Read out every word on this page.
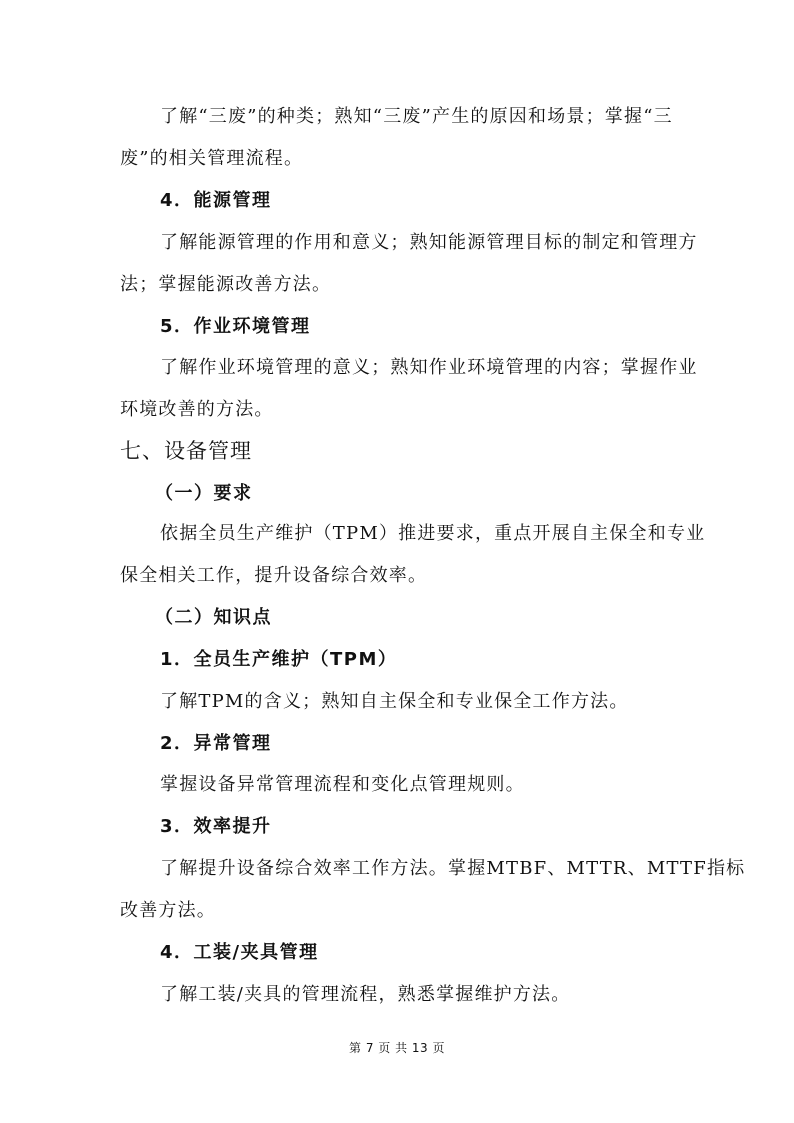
了解“三废”的种类；熟知“三废”产生的原因和场景；掌握“三
废”的相关管理流程。
4．能源管理
了解能源管理的作用和意义；熟知能源管理目标的制定和管理方
法；掌握能源改善方法。
5．作业环境管理
了解作业环境管理的意义；熟知作业环境管理的内容；掌握作业
环境改善的方法。
七、设备管理
（一）要求
依据全员生产维护（TPM）推进要求，重点开展自主保全和专业
保全相关工作，提升设备综合效率。
（二）知识点
1．全员生产维护（TPM）
了解TPM的含义；熟知自主保全和专业保全工作方法。
2．异常管理
掌握设备异常管理流程和变化点管理规则。
3．效率提升
了解提升设备综合效率工作方法。掌握MTBF、MTTR、MTTF指标
改善方法。
4．工装/夹具管理
了解工装/夹具的管理流程，熟悉掌握维护方法。
第 7 页 共 13 页
